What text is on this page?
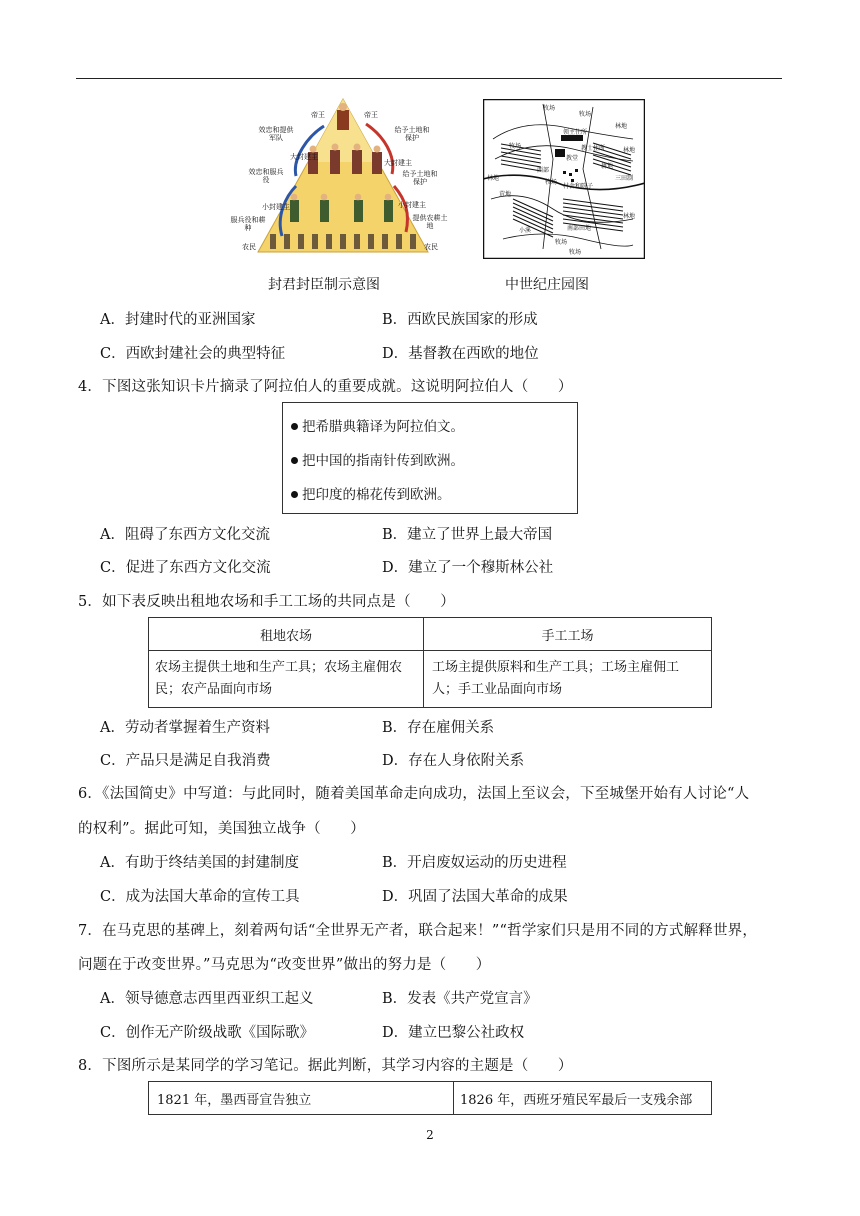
效忠和提供军队
效忠和服兵役
服兵役和耕种
给予土地和保护
给予土地和保护
提供农耕土地
帝王
大封建主
小封建主
农民
帝王
大封建主
小封建主
农民
牧场
牧场
林地
领主住所
教堂
教士住所	林地
牧场
林地
荒地
西部
牧场
耕地
三田制
村舍和院子
小溪	南部田地
牧场
林地
牧场
封君封臣制示意图	中世纪庄园图
A．封建时代的亚洲国家	B．西欧民族国家的形成
C．西欧封建社会的典型特征	D．基督教在西欧的地位
4．下图这张知识卡片摘录了阿拉伯人的重要成就。这说明阿拉伯人（　　）
把希腊典籍译为阿拉伯文。
把中国的指南针传到欧洲。
把印度的棉花传到欧洲。
A．阻碍了东西方文化交流	B．建立了世界上最大帝国
C．促进了东西方文化交流	D．建立了一个穆斯林公社
5．如下表反映出租地农场和手工工场的共同点是（　　）
租地农场	手工工场
农场主提供土地和生产工具；农场主雇佣农民；农产品面向市场	工场主提供原料和生产工具；工场主雇佣工人；手工业品面向市场
A．劳动者掌握着生产资料	B．存在雇佣关系
C．产品只是满足自我消费	D．存在人身依附关系
6．《法国简史》中写道：与此同时，随着美国革命走向成功，法国上至议会，下至城堡开始有人讨论“人
的权利”。据此可知，美国独立战争（　　）
A．有助于终结美国的封建制度	B．开启废奴运动的历史进程
C．成为法国大革命的宣传工具	D．巩固了法国大革命的成果
7．在马克思的基碑上，刻着两句话“全世界无产者，联合起来！”“哲学家们只是用不同的方式解释世界，
问题在于改变世界。”马克思为“改变世界”做出的努力是（　　）
A．领导德意志西里西亚织工起义	B．发表《共产党宣言》
C．创作无产阶级战歌《国际歌》	D．建立巴黎公社政权
8．下图所示是某同学的学习笔记。据此判断，其学习内容的主题是（　　）
1821 年，墨西哥宣告独立	1826 年，西班牙殖民军最后一支残余部
2
